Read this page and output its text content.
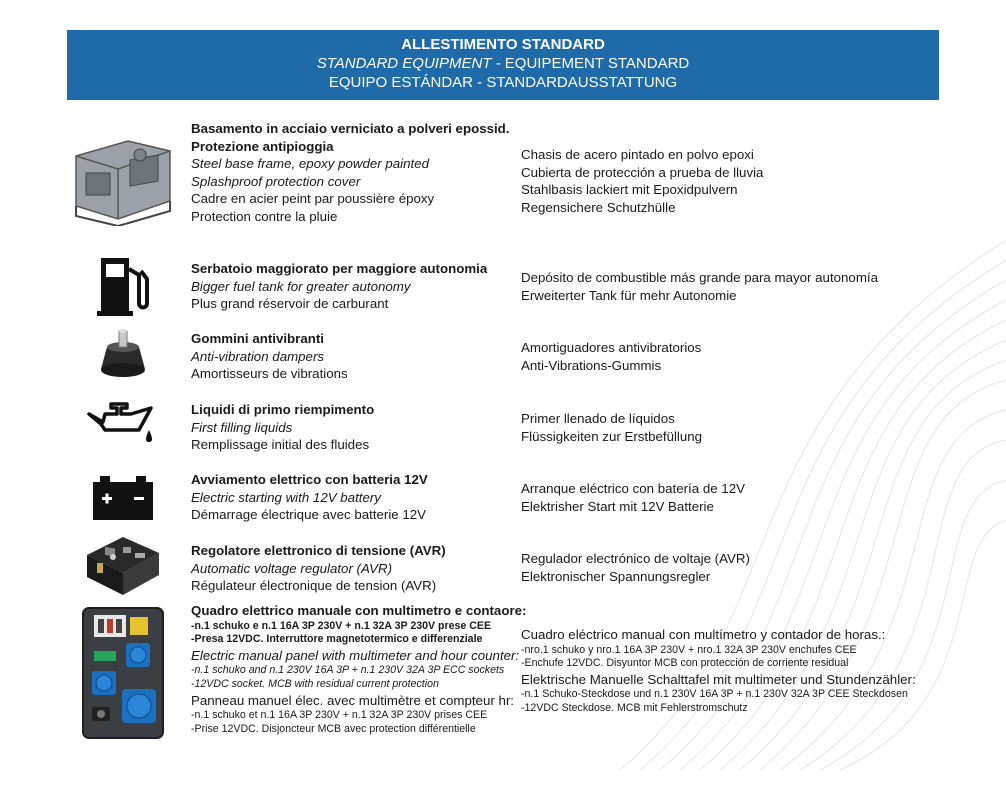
ALLESTIMENTO STANDARD
STANDARD EQUIPMENT - EQUIPEMENT STANDARD
EQUIPO ESTÁNDAR - STANDARDAUSSTATTUNG
Basamento in acciaio verniciato a polveri epossid.
Protezione antipioggia
Steel base frame, epoxy powder painted
Splashproof protection cover
Cadre en acier peint par poussière époxy
Protection contre la pluie
Chasis de acero pintado en polvo epoxi
Cubierta de protección a prueba de lluvia
Stahlbasis lackiert mit Epoxidpulvern
Regensichere Schutzhülle
Serbatoio maggiorato per maggiore autonomia
Bigger fuel tank for greater autonomy
Plus grand réservoir de carburant
Depósito de combustible más grande para mayor autonomía
Erweiterter Tank für mehr Autonomie
Gommini antivibranti
Anti-vibration dampers
Amortisseurs de vibrations
Amortiguadores antivibratorios
Anti-Vibrations-Gummis
Liquidi di primo riempimento
First filling liquids
Remplissage initial des fluides
Primer llenado de líquidos
Flüssigkeiten zur Erstbefüllung
Avviamento elettrico con batteria 12V
Electric starting with 12V battery
Démarrage électrique avec batterie 12V
Arranque eléctrico con batería de 12V
Elektrisher Start mit 12V Batterie
Regolatore elettronico di tensione (AVR)
Automatic voltage regulator (AVR)
Régulateur électronique de tension (AVR)
Regulador electrónico de voltaje (AVR)
Elektronischer Spannungsregler
Quadro elettrico manuale con multimetro e contaore:
-n.1 schuko e n.1 16A 3P 230V + n.1 32A 3P 230V prese CEE
-Presa 12VDC. Interruttore magnetotermico e differenziale
Electric manual panel with multimeter and hour counter:
-n.1 schuko and n.1 230V 16A 3P + n.1 230V 32A 3P ECC sockets
-12VDC socket. MCB with residual current protection
Panneau manuel élec. avec multimètre et compteur hr:
-n.1 schuko et n.1 16A 3P 230V + n.1 32A 3P 230V prises CEE
-Prise 12VDC. Disjoncteur MCB avec protection différentielle
Cuadro eléctrico manual con multímetro y contador de horas.:
-nro.1 schuko y nro.1 16A 3P 230V + nro.1 32A 3P 230V enchufes CEE
-Enchufe 12VDC. Disyuntor MCB con protección de corriente residual
Elektrische Manuelle Schalttafel mit multimeter und Stundenzähler:
-n.1 Schuko-Steckdose und n.1 230V 16A 3P + n.1 230V 32A 3P CEE Steckdosen
-12VDC Steckdose. MCB mit Fehlerstromschutz
